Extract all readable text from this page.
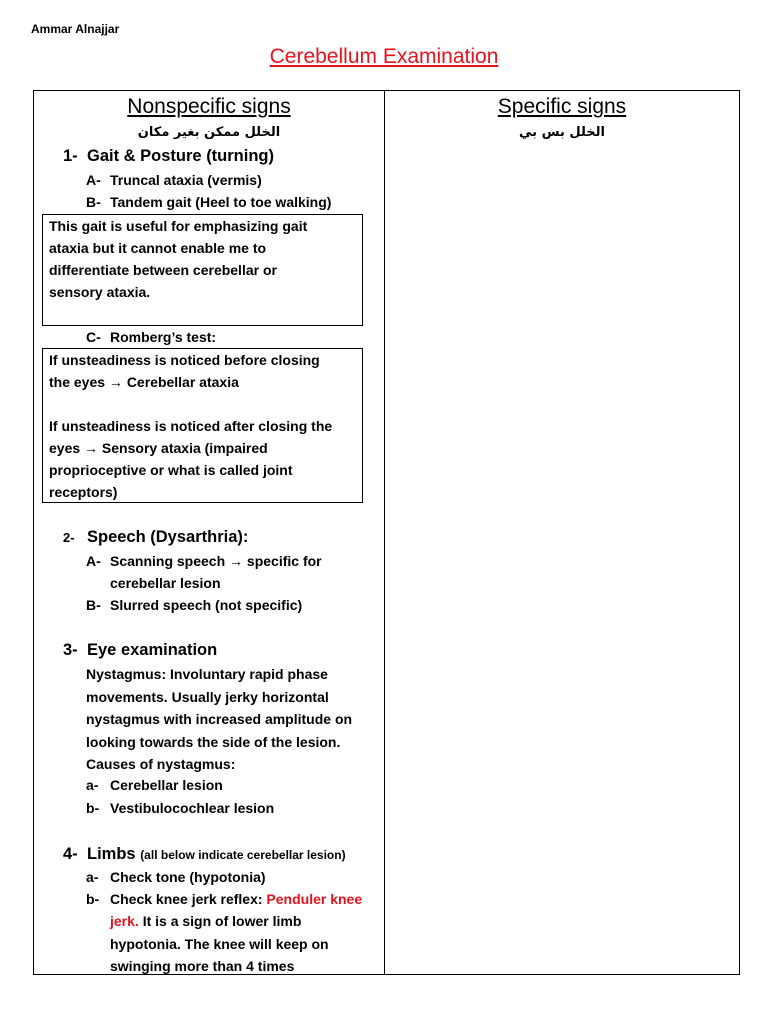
Ammar Alnajjar
Cerebellum Examination
Nonspecific signs
الخلل ممكن بغير مكان
Specific signs
الخلل بس بي
1- Gait & Posture (turning)
A- Truncal ataxia (vermis)
B- Tandem gait (Heel to toe walking)

This gait is useful for emphasizing gait

ataxia but it cannot enable me to

differentiate between cerebellar or

sensory ataxia.

C- Romberg’s test:

If unsteadiness is noticed before closing

the eyes → Cerebellar ataxia

If unsteadiness is noticed after closing the

eyes → Sensory ataxia (impaired

proprioceptive or what is called joint

receptors)

2- Speech (Dysarthria):
A- Scanning speech → specific for
cerebellar lesion
B- Slurred speech (not specific)
3- Eye examination
Nystagmus: Involuntary rapid phase
movements. Usually jerky horizontal
nystagmus with increased amplitude on
looking towards the side of the lesion.
Causes of nystagmus:
a- Cerebellar lesion
b- Vestibulocochlear lesion
4- Limbs (all below indicate cerebellar lesion)
a- Check tone (hypotonia)
b- Check knee jerk reflex: Penduler knee
jerk. It is a sign of lower limb
hypotonia. The knee will keep on
swinging more than 4 times
